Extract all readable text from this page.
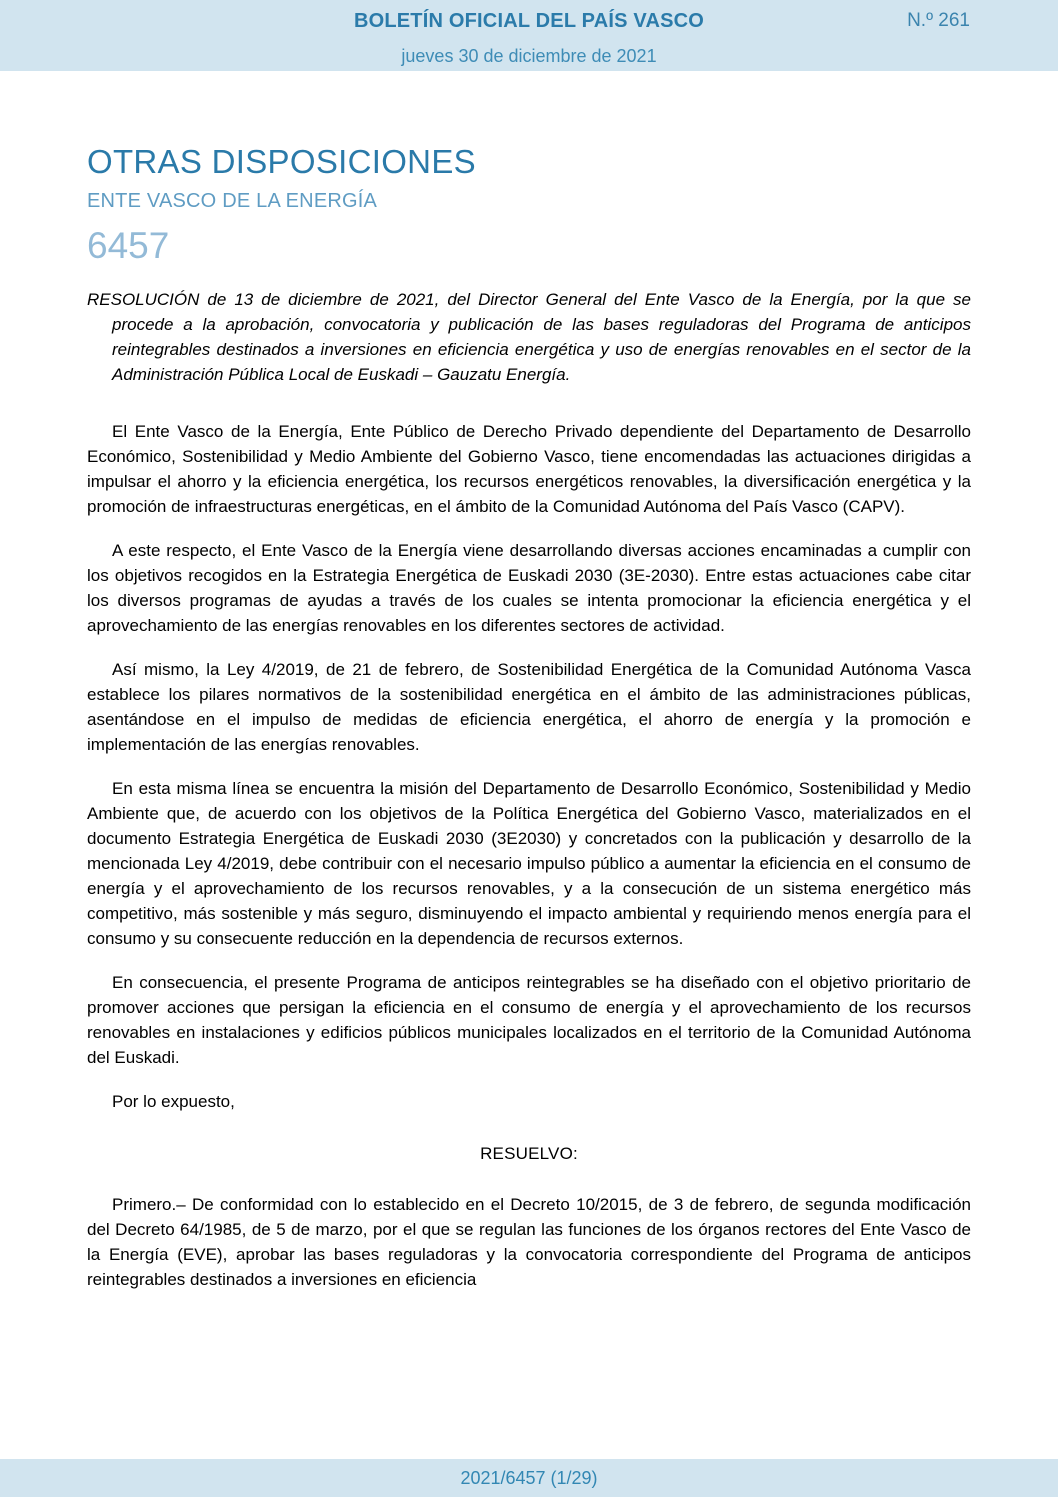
BOLETÍN OFICIAL DEL PAÍS VASCO	N.º 261
jueves 30 de diciembre de 2021
OTRAS DISPOSICIONES
ENTE VASCO DE LA ENERGÍA
6457

RESOLUCIÓN de 13 de diciembre de 2021, del Director General del Ente Vasco de la Energía, por la que se procede a la aprobación, convocatoria y publicación de las bases reguladoras del Programa de anticipos reintegrables destinados a inversiones en eficiencia energética y uso de energías renovables en el sector de la Administración Pública Local de Euskadi – Gauzatu Energía.

El Ente Vasco de la Energía, Ente Público de Derecho Privado dependiente del Departamento de Desarrollo Económico, Sostenibilidad y Medio Ambiente del Gobierno Vasco, tiene encomendadas las actuaciones dirigidas a impulsar el ahorro y la eficiencia energética, los recursos energéticos renovables, la diversificación energética y la promoción de infraestructuras energéticas, en el ámbito de la Comunidad Autónoma del País Vasco (CAPV).

A este respecto, el Ente Vasco de la Energía viene desarrollando diversas acciones encaminadas a cumplir con los objetivos recogidos en la Estrategia Energética de Euskadi 2030 (3E-2030). Entre estas actuaciones cabe citar los diversos programas de ayudas a través de los cuales se intenta promocionar la eficiencia energética y el aprovechamiento de las energías renovables en los diferentes sectores de actividad.

Así mismo, la Ley 4/2019, de 21 de febrero, de Sostenibilidad Energética de la Comunidad Autónoma Vasca establece los pilares normativos de la sostenibilidad energética en el ámbito de las administraciones públicas, asentándose en el impulso de medidas de eficiencia energética, el ahorro de energía y la promoción e implementación de las energías renovables.

En esta misma línea se encuentra la misión del Departamento de Desarrollo Económico, Sostenibilidad y Medio Ambiente que, de acuerdo con los objetivos de la Política Energética del Gobierno Vasco, materializados en el documento Estrategia Energética de Euskadi 2030 (3E2030) y concretados con la publicación y desarrollo de la mencionada Ley 4/2019, debe contribuir con el necesario impulso público a aumentar la eficiencia en el consumo de energía y el aprovechamiento de los recursos renovables, y a la consecución de un sistema energético más competitivo, más sostenible y más seguro, disminuyendo el impacto ambiental y requiriendo menos energía para el consumo y su consecuente reducción en la dependencia de recursos externos.

En consecuencia, el presente Programa de anticipos reintegrables se ha diseñado con el objetivo prioritario de promover acciones que persigan la eficiencia en el consumo de energía y el aprovechamiento de los recursos renovables en instalaciones y edificios públicos municipales localizados en el territorio de la Comunidad Autónoma del Euskadi.

Por lo expuesto,

RESUELVO:

Primero.– De conformidad con lo establecido en el Decreto 10/2015, de 3 de febrero, de segunda modificación del Decreto 64/1985, de 5 de marzo, por el que se regulan las funciones de los órganos rectores del Ente Vasco de la Energía (EVE), aprobar las bases reguladoras y la convocatoria correspondiente del Programa de anticipos reintegrables destinados a inversiones en eficiencia

2021/6457 (1/29)
